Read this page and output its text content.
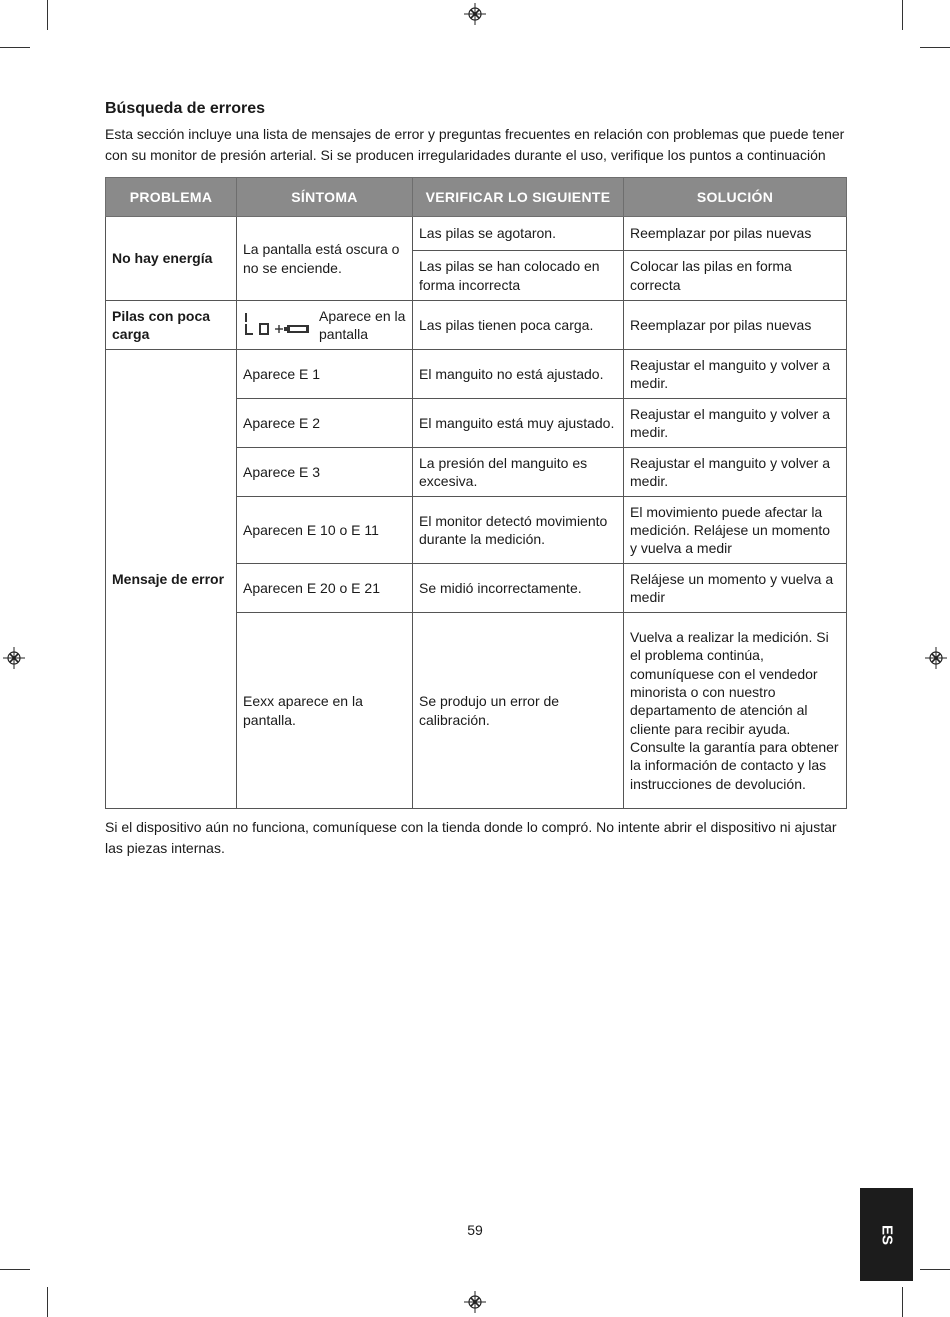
Búsqueda de errores

Esta sección incluye una lista de mensajes de error y preguntas frecuentes en relación con problemas que puede tener con su monitor de presión arterial. Si se producen irregularidades durante el uso, verifique los puntos a continuación

PROBLEMA	SÍNTOMA	VERIFICAR LO SIGUIENTE	SOLUCIÓN
No hay energía	La pantalla está oscura o no se enciende.	Las pilas se agotaron.	Reemplazar por pilas nuevas
		Las pilas se han colocado en forma incorrecta	Colocar las pilas en forma correcta
Pilas con poca carga	Aparece en la pantalla	Las pilas tienen poca carga.	Reemplazar por pilas nuevas
Mensaje de error	Aparece E 1	El manguito no está ajustado.	Reajustar el manguito y volver a medir.
	Aparece E 2	El manguito está muy ajustado.	Reajustar el manguito y volver a medir.
	Aparece E 3	La presión del manguito es excesiva.	Reajustar el manguito y volver a medir.
	Aparecen E 10 o E 11	El monitor detectó movimiento durante la medición.	El movimiento puede afectar la medición. Relájese un momento y vuelva a medir
	Aparecen E 20 o E 21	Se midió incorrectamente.	Relájese un momento y vuelva a medir
	Eexx aparece en la pantalla.	Se produjo un error de calibración.	Vuelva a realizar la medición. Si el problema continúa, comuníquese con el vendedor minorista o con nuestro departamento de atención al cliente para recibir ayuda. Consulte la garantía para obtener la información de contacto y las instrucciones de devolución.

Si el dispositivo aún no funciona, comuníquese con la tienda donde lo compró. No intente abrir el dispositivo ni ajustar las piezas internas.

59	ES
